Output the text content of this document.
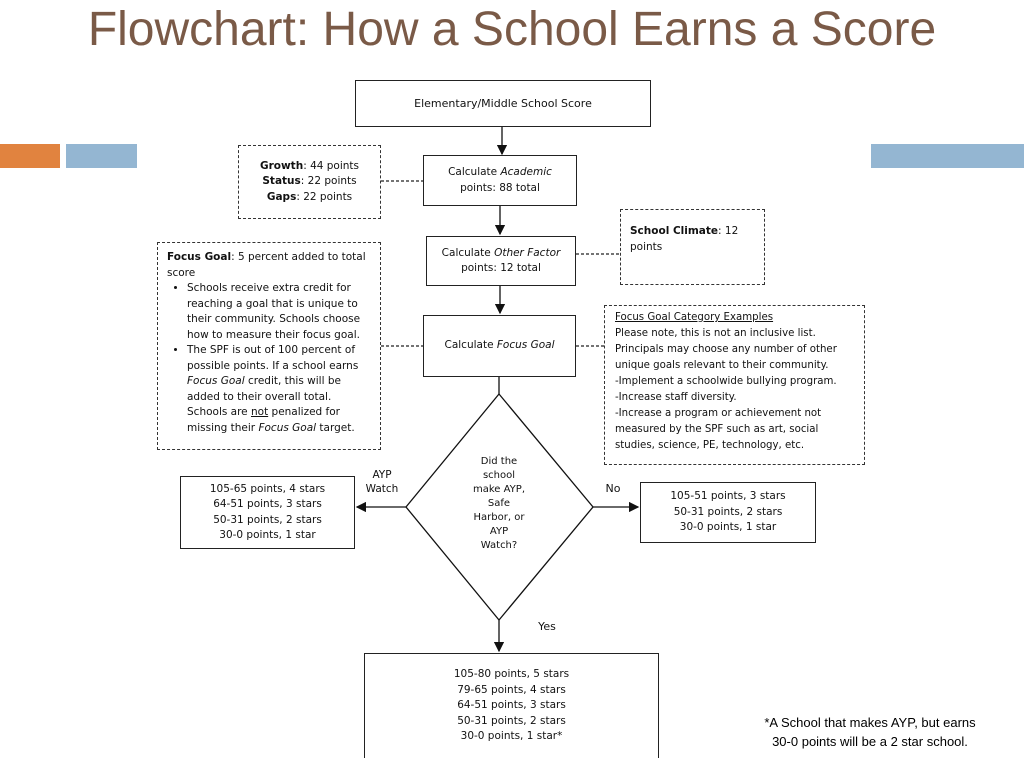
Flowchart: How a School Earns a Score
Elementary/Middle School Score
Calculate Academic
points: 88 total
Growth: 44 points
Status: 22 points
Gaps: 22 points
Calculate Other Factor
points: 12 total
School Climate: 12
points
Calculate Focus Goal
Focus Goal: 5 percent added to total
score
• Schools receive extra credit for
reaching a goal that is unique to
their community. Schools choose
how to measure their focus goal.
• The SPF is out of 100 percent of
possible points. If a school earns
Focus Goal credit, this will be
added to their overall total.
Schools are not penalized for
missing their Focus Goal target.
Focus Goal Category Examples
Please note, this is not an inclusive list.
Principals may choose any number of other
unique goals relevant to their community.
-Implement a schoolwide bullying program.
-Increase staff diversity.
-Increase a program or achievement not
measured by the SPF such as art, social
studies, science, PE, technology, etc.
Did the
school
make AYP,
Safe
Harbor, or
AYP
Watch?
AYP
Watch	No
Yes
105-65 points, 4 stars
64-51 points, 3 stars
50-31 points, 2 stars
30-0 points, 1 star
105-51 points, 3 stars
50-31 points, 2 stars
30-0 points, 1 star
105-80 points, 5 stars
79-65 points, 4 stars
64-51 points, 3 stars
50-31 points, 2 stars
30-0 points, 1 star*
*A School that makes AYP, but earns
30-0 points will be a 2 star school.
